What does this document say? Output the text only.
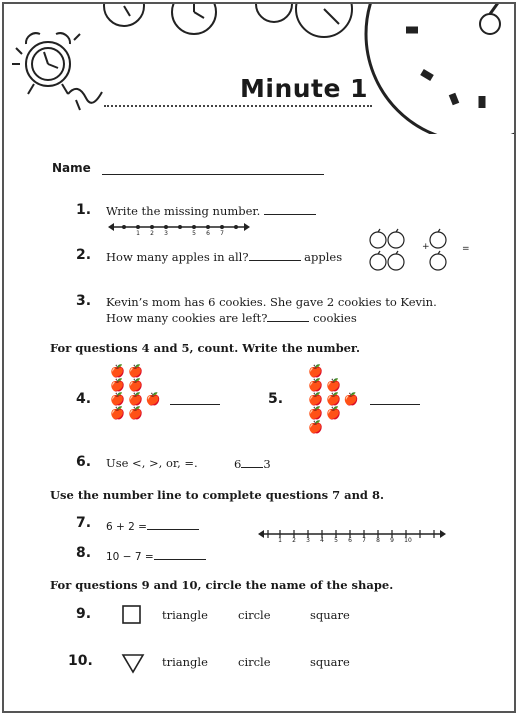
Minute 1
Name
1. Write the missing number.
1 2 3	5 6 7
2. How many apples in all?	apples
+	=
3. Kevin’s mom has 6 cookies. She gave 2 cookies to Kevin.
How many cookies are left?	cookies
For questions 4 and 5, count. Write the number.
4.
🍎🍎
🍎🍎
🍎🍎🍎
🍎🍎
5.
🍎
🍎🍎
🍎🍎🍎
🍎🍎
🍎
6. Use <, >, or, =.	6 3
Use the number line to complete questions 7 and 8.
7. 6 + 2 =
8. 10 − 7 =
1 2 3 4 5 6 7 8 9 10
For questions 9 and 10, circle the name of the shape.
9.	triangle	circle	square
10.	triangle	circle	square
